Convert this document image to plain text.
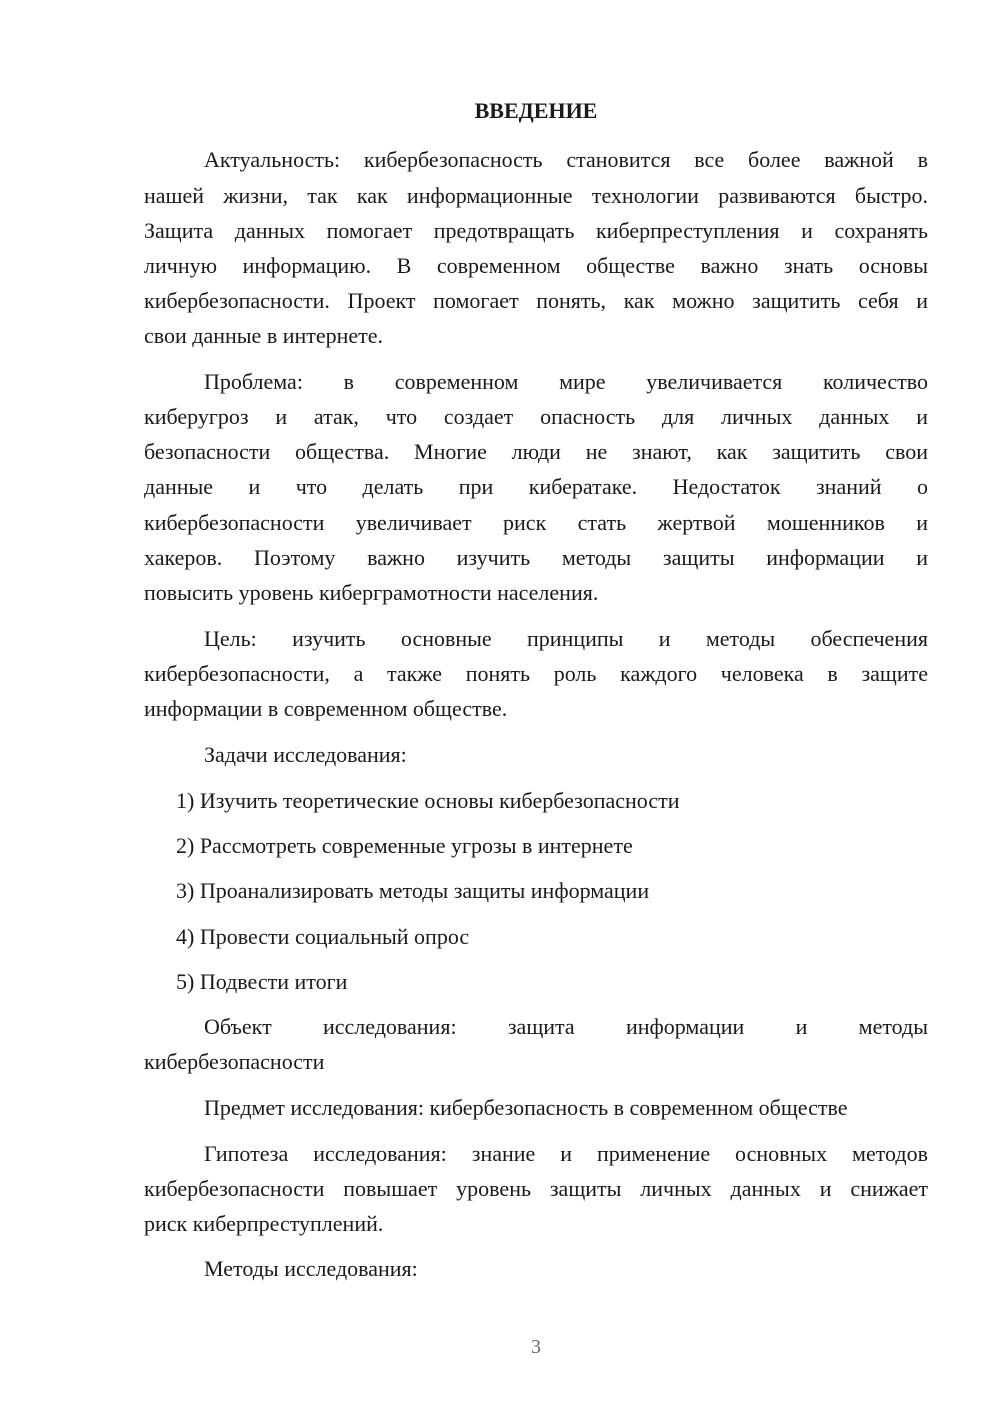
ВВЕДЕНИЕ
Актуальность: кибербезопасность становится все более важной в
нашей жизни, так как информационные технологии развиваются быстро.
Защита данных помогает предотвращать киберпреступления и сохранять
личную информацию. В современном обществе важно знать основы
кибербезопасности. Проект помогает понять, как можно защитить себя и
свои данные в интернете.
Проблема: в современном мире увеличивается количество
киберугроз и атак, что создает опасность для личных данных и
безопасности общества. Многие люди не знают, как защитить свои
данные и что делать при кибератаке. Недостаток знаний о
кибербезопасности увеличивает риск стать жертвой мошенников и
хакеров. Поэтому важно изучить методы защиты информации и
повысить уровень киберграмотности населения.
Цель: изучить основные принципы и методы обеспечения
кибербезопасности, а также понять роль каждого человека в защите
информации в современном обществе.
Задачи исследования:
1) Изучить теоретические основы кибербезопасности
2) Рассмотреть современные угрозы в интернете
3) Проанализировать методы защиты информации
4) Провести социальный опрос
5) Подвести итоги
Объект исследования: защита информации и методы
кибербезопасности
Предмет исследования: кибербезопасность в современном обществе
Гипотеза исследования: знание и применение основных методов
кибербезопасности повышает уровень защиты личных данных и снижает
риск киберпреступлений.
Методы исследования:
3
